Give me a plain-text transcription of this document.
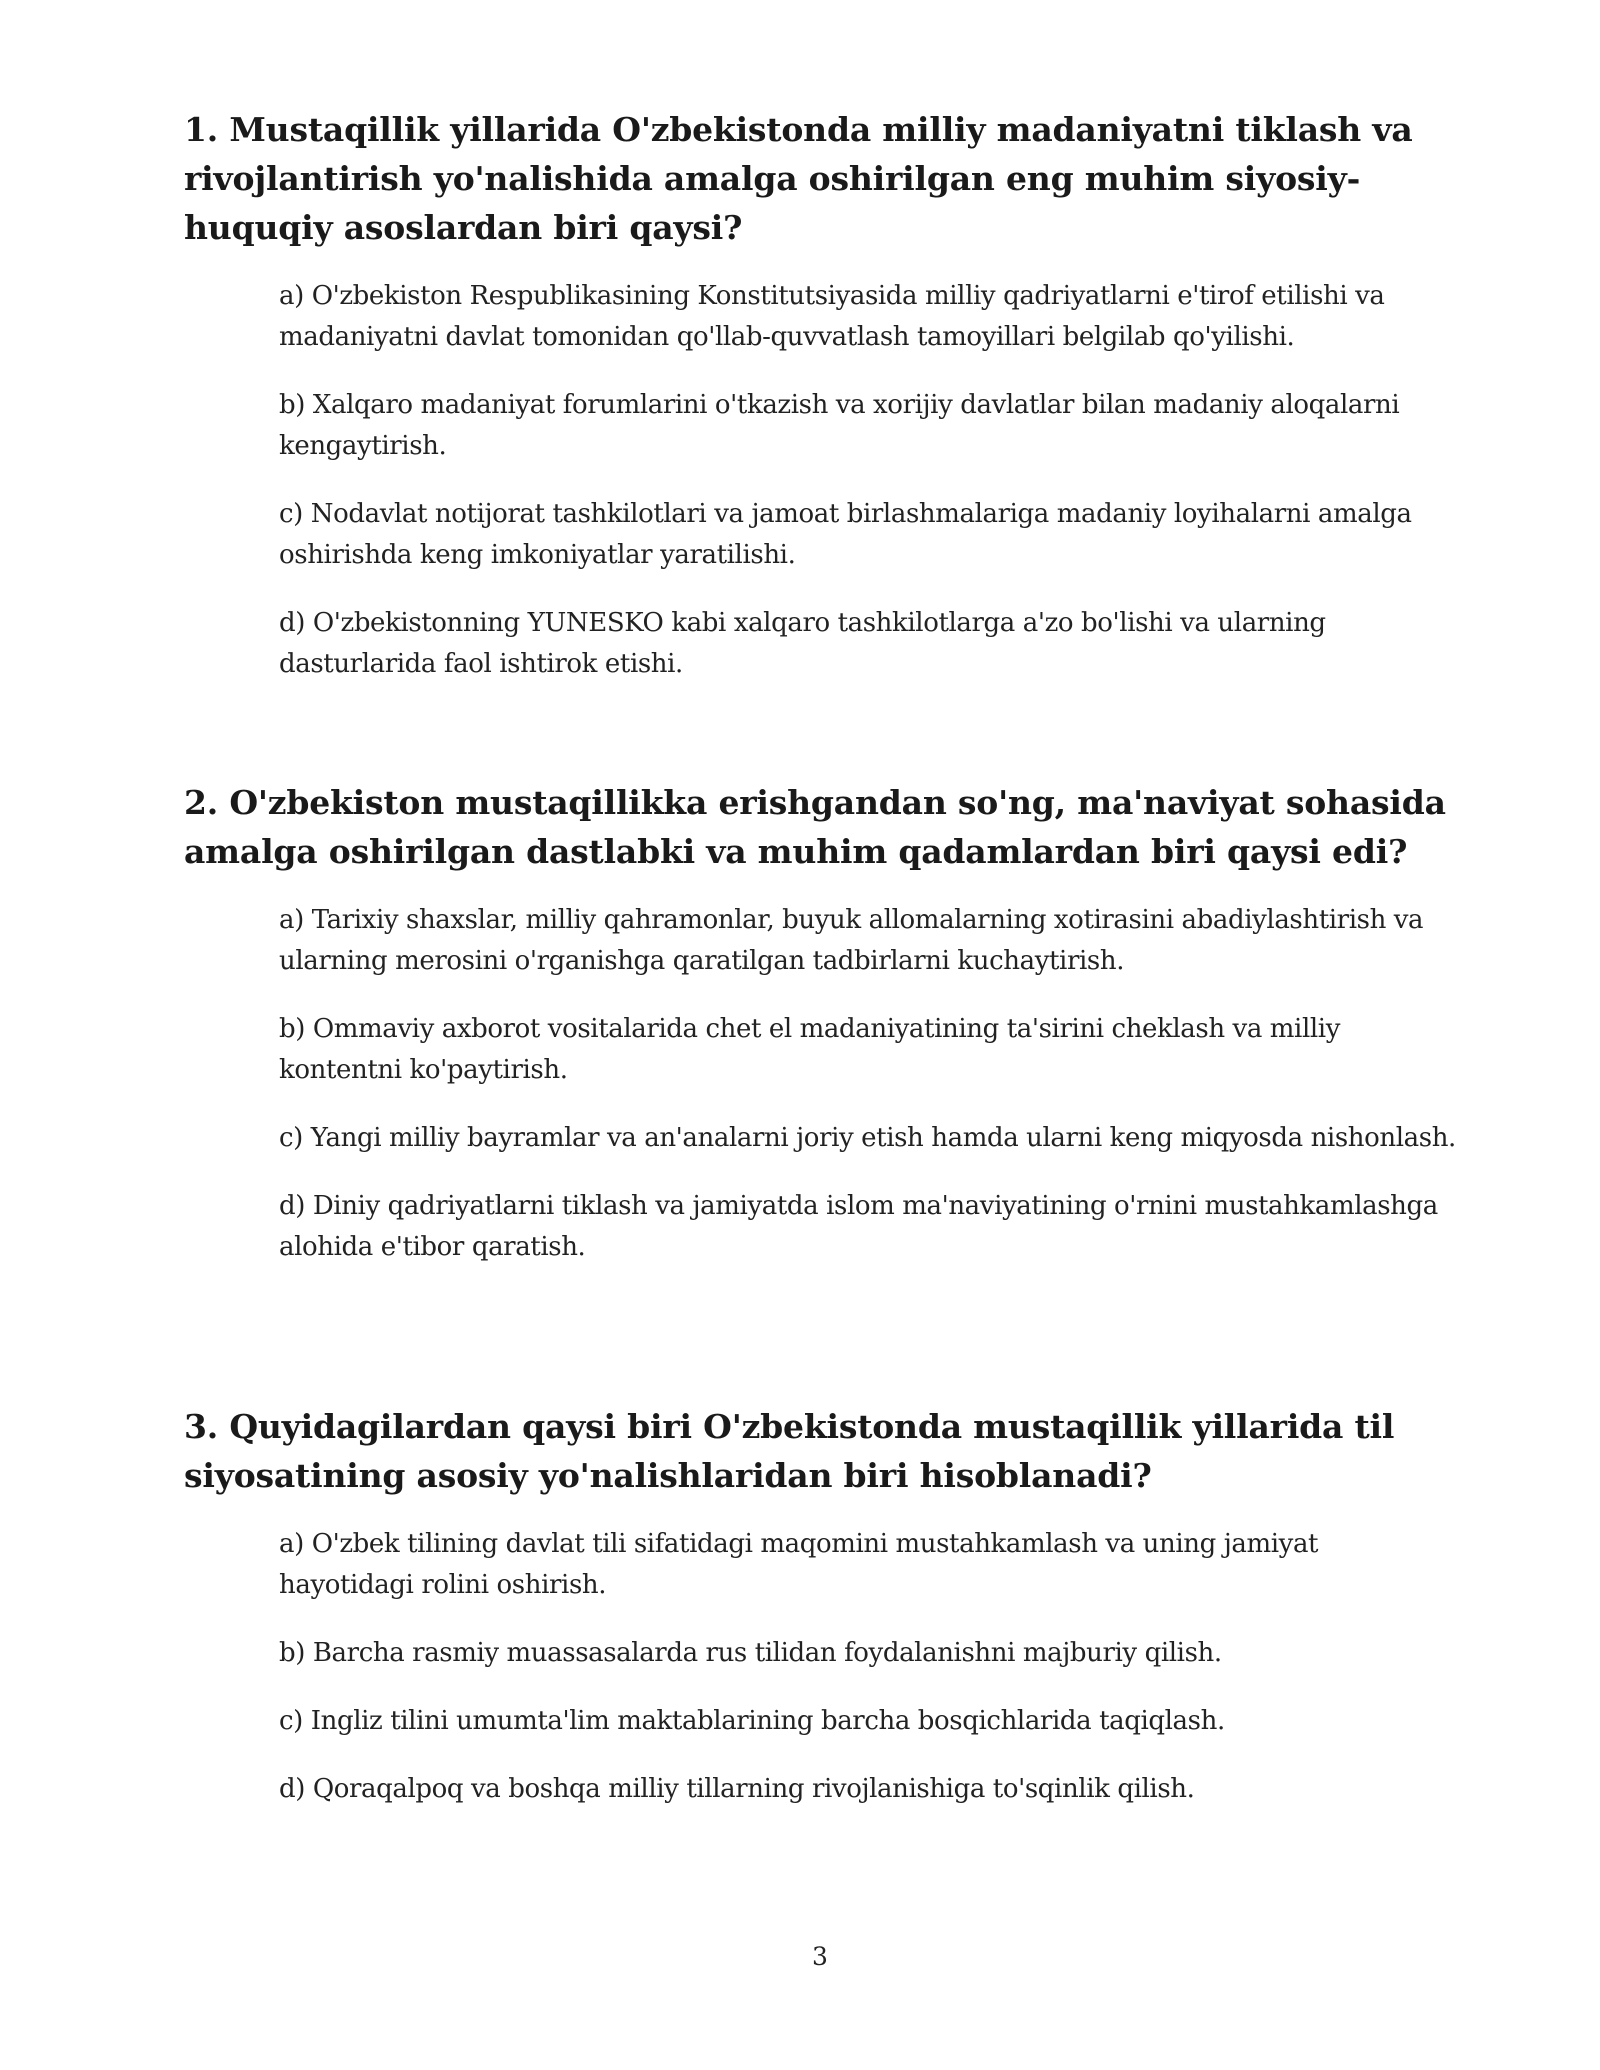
1. Mustaqillik yillarida O'zbekistonda milliy madaniyatni tiklash va rivojlantirish yo'nalishida amalga oshirilgan eng muhim siyosiy-huquqiy asoslardan biri qaysi?
a) O'zbekiston Respublikasining Konstitutsiyasida milliy qadriyatlarni e'tirof etilishi va madaniyatni davlat tomonidan qo'llab-quvvatlash tamoyillari belgilab qo'yilishi.
b) Xalqaro madaniyat forumlarini o'tkazish va xorijiy davlatlar bilan madaniy aloqalarni kengaytirish.
c) Nodavlat notijorat tashkilotlari va jamoat birlashmalariga madaniy loyihalarni amalga oshirishda keng imkoniyatlar yaratilishi.
d) O'zbekistonning YUNESKO kabi xalqaro tashkilotlarga a'zo bo'lishi va ularning dasturlarida faol ishtirok etishi.
2. O'zbekiston mustaqillikka erishgandan so'ng, ma'naviyat sohasida amalga oshirilgan dastlabki va muhim qadamlardan biri qaysi edi?
a) Tarixiy shaxslar, milliy qahramonlar, buyuk allomalarning xotirasini abadiylashtirish va ularning merosini o'rganishga qaratilgan tadbirlarni kuchaytirish.
b) Ommaviy axborot vositalarida chet el madaniyatining ta'sirini cheklash va milliy kontentni ko'paytirish.
c) Yangi milliy bayramlar va an'analarni joriy etish hamda ularni keng miqyosda nishonlash.
d) Diniy qadriyatlarni tiklash va jamiyatda islom ma'naviyatining o'rnini mustahkamlashga alohida e'tibor qaratish.
3. Quyidagilardan qaysi biri O'zbekistonda mustaqillik yillarida til siyosatining asosiy yo'nalishlaridan biri hisoblanadi?
a) O'zbek tilining davlat tili sifatidagi maqomini mustahkamlash va uning jamiyat hayotidagi rolini oshirish.
b) Barcha rasmiy muassasalarda rus tilidan foydalanishni majburiy qilish.
c) Ingliz tilini umumta'lim maktablarining barcha bosqichlarida taqiqlash.
d) Qoraqalpoq va boshqa milliy tillarning rivojlanishiga to'sqinlik qilish.
3
